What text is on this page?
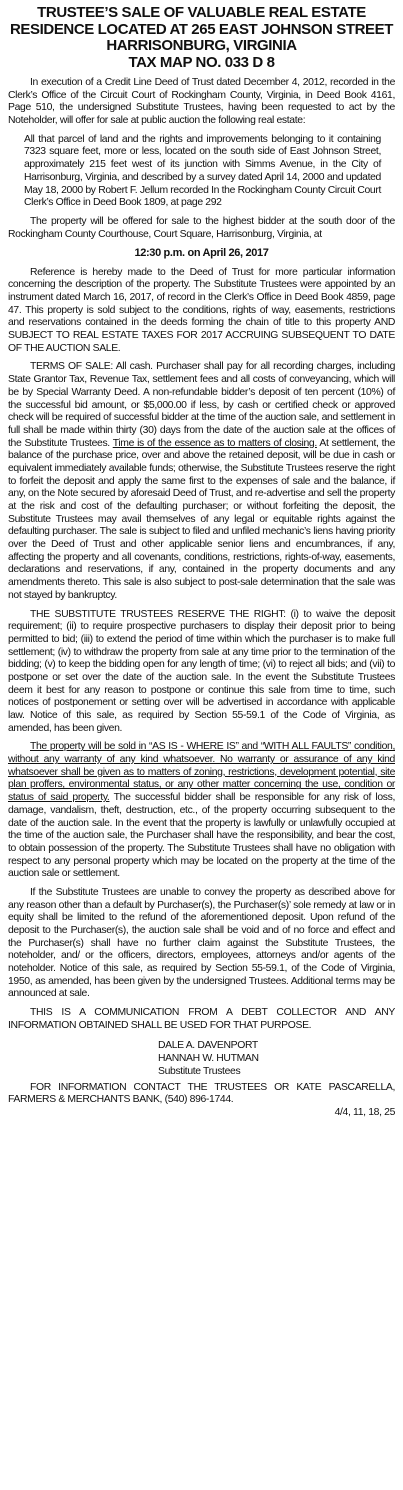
TRUSTEE’S SALE OF VALUABLE REAL ESTATE
RESIDENCE LOCATED AT 265 EAST JOHNSON STREET
HARRISONBURG, VIRGINIA
TAX MAP NO. 033 D 8

In execution of a Credit Line Deed of Trust dated December 4, 2012, recorded in the Clerk’s Office of the Circuit Court of Rockingham County, Virginia, in Deed Book 4161, Page 510, the undersigned Substitute Trustees, having been requested to act by the Noteholder, will offer for sale at public auction the following real estate:

All that parcel of land and the rights and improvements belonging to it containing 7323 square feet, more or less, located on the south side of East Johnson Street, approximately 215 feet west of its junction with Simms Avenue, in the City of Harrisonburg, Virginia, and described by a survey dated April 14, 2000 and updated May 18, 2000 by Robert F. Jellum recorded In the Rockingham County Circuit Court Clerk’s Office in Deed Book 1809, at page 292

The property will be offered for sale to the highest bidder at the south door of the Rockingham County Courthouse, Court Square, Harrisonburg, Virginia, at

12:30 p.m. on April 26, 2017

Reference is hereby made to the Deed of Trust for more particular information concerning the description of the property. The Substitute Trustees were appointed by an instrument dated March 16, 2017, of record in the Clerk’s Office in Deed Book 4859, page 47. This property is sold subject to the conditions, rights of way, easements, restrictions and reservations contained in the deeds forming the chain of title to this property AND SUBJECT TO REAL ESTATE TAXES FOR 2017 ACCRUING SUBSEQUENT TO DATE OF THE AUCTION SALE.

TERMS OF SALE: All cash. Purchaser shall pay for all recording charges, including State Grantor Tax, Revenue Tax, settlement fees and all costs of conveyancing, which will be by Special Warranty Deed. A non-refundable bidder’s deposit of ten percent (10%) of the successful bid amount, or $5,000.00 if less, by cash or certified check or approved check will be required of successful bidder at the time of the auction sale, and settlement in full shall be made within thirty (30) days from the date of the auction sale at the offices of the Substitute Trustees. Time is of the essence as to matters of closing. At settlement, the balance of the purchase price, over and above the retained deposit, will be due in cash or equivalent immediately available funds; otherwise, the Substitute Trustees reserve the right to forfeit the deposit and apply the same first to the expenses of sale and the balance, if any, on the Note secured by aforesaid Deed of Trust, and re-advertise and sell the property at the risk and cost of the defaulting purchaser; or without forfeiting the deposit, the Substitute Trustees may avail themselves of any legal or equitable rights against the defaulting purchaser. The sale is subject to filed and unfiled mechanic’s liens having priority over the Deed of Trust and other applicable senior liens and encumbrances, if any, affecting the property and all covenants, conditions, restrictions, rights-of-way, easements, declarations and reservations, if any, contained in the property documents and any amendments thereto. This sale is also subject to post-sale determination that the sale was not stayed by bankruptcy.

THE SUBSTITUTE TRUSTEES RESERVE THE RIGHT: (i) to waive the deposit requirement; (ii) to require prospective purchasers to display their deposit prior to being permitted to bid; (iii) to extend the period of time within which the purchaser is to make full settlement; (iv) to withdraw the property from sale at any time prior to the termination of the bidding; (v) to keep the bidding open for any length of time; (vi) to reject all bids; and (vii) to postpone or set over the date of the auction sale. In the event the Substitute Trustees deem it best for any reason to postpone or continue this sale from time to time, such notices of postponement or setting over will be advertised in accordance with applicable law. Notice of this sale, as required by Section 55-59.1 of the Code of Virginia, as amended, has been given.

The property will be sold in “AS IS - WHERE IS” and “WITH ALL FAULTS” condition, without any warranty of any kind whatsoever. No warranty or assurance of any kind whatsoever shall be given as to matters of zoning, restrictions, development potential, site plan proffers, environmental status, or any other matter concerning the use, condition or status of said property. The successful bidder shall be responsible for any risk of loss, damage, vandalism, theft, destruction, etc., of the property occurring subsequent to the date of the auction sale. In the event that the property is lawfully or unlawfully occupied at the time of the auction sale, the Purchaser shall have the responsibility, and bear the cost, to obtain possession of the property. The Substitute Trustees shall have no obligation with respect to any personal property which may be located on the property at the time of the auction sale or settlement.

If the Substitute Trustees are unable to convey the property as described above for any reason other than a default by Purchaser(s), the Purchaser(s)’ sole remedy at law or in equity shall be limited to the refund of the aforementioned deposit. Upon refund of the deposit to the Purchaser(s), the auction sale shall be void and of no force and effect and the Purchaser(s) shall have no further claim against the Substitute Trustees, the noteholder, and/ or the officers, directors, employees, attorneys and/or agents of the noteholder. Notice of this sale, as required by Section 55-59.1, of the Code of Virginia, 1950, as amended, has been given by the undersigned Trustees. Additional terms may be announced at sale.

THIS IS A COMMUNICATION FROM A DEBT COLLECTOR AND ANY INFORMATION OBTAINED SHALL BE USED FOR THAT PURPOSE.

DALE A. DAVENPORT
HANNAH W. HUTMAN
Substitute Trustees

FOR INFORMATION CONTACT THE TRUSTEES OR KATE PASCARELLA, FARMERS & MERCHANTS BANK, (540) 896-1744.

4/4, 11, 18, 25
